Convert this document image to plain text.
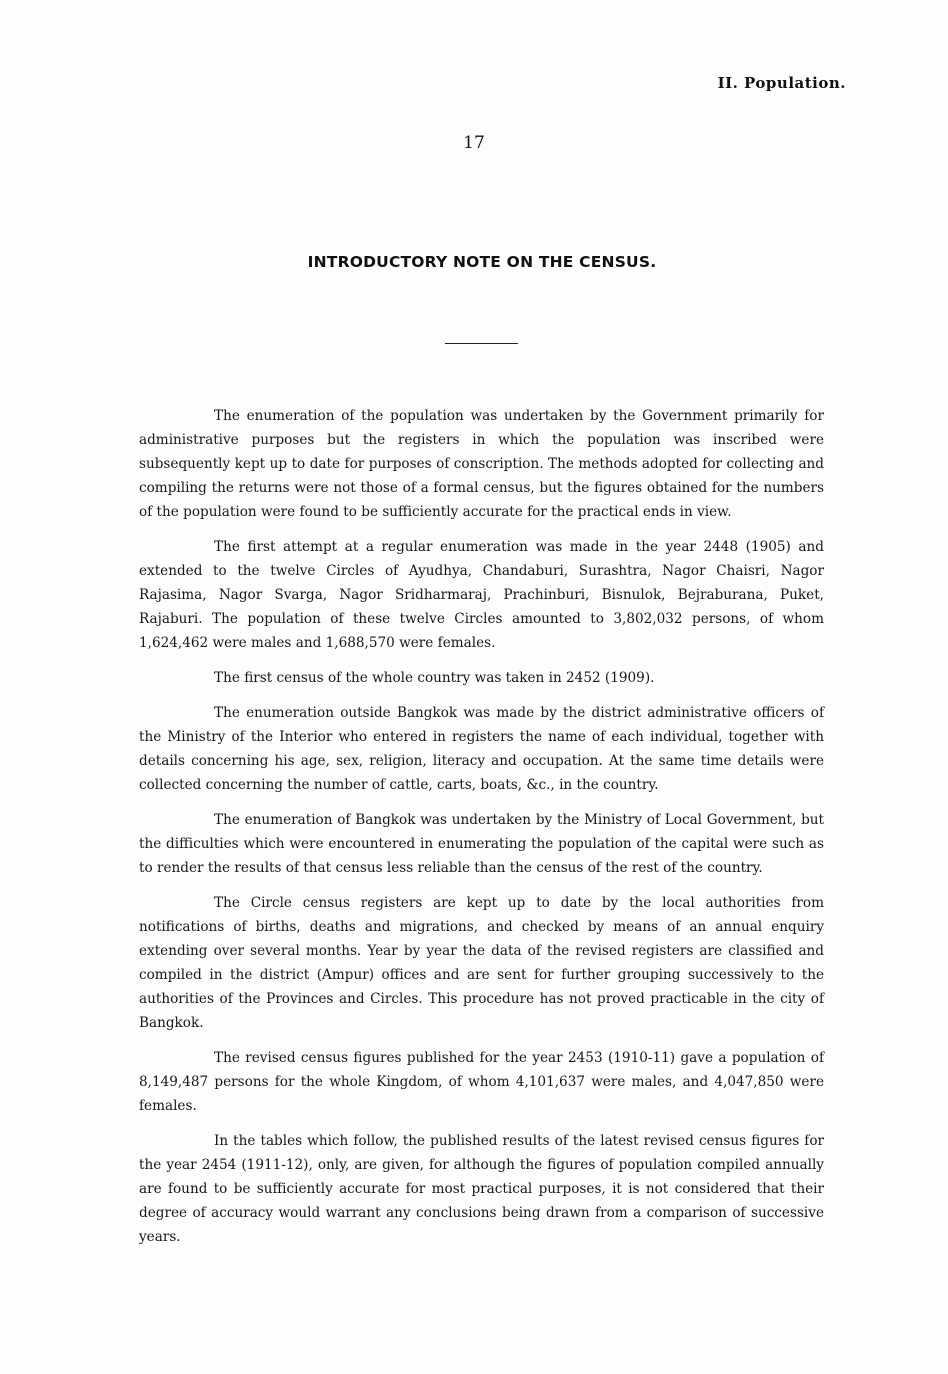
II. Population.
17
INTRODUCTORY NOTE ON THE CENSUS.

The enumeration of the population was undertaken by the Government primarily for administrative purposes but the registers in which the population was inscribed were subsequently kept up to date for purposes of conscription. The methods adopted for collecting and compiling the returns were not those of a formal census, but the figures obtained for the numbers of the population were found to be sufficiently accurate for the practical ends in view.

The first attempt at a regular enumeration was made in the year 2448 (1905) and extended to the twelve Circles of Ayudhya, Chandaburi, Surashtra, Nagor Chaisri, Nagor Rajasima, Nagor Svarga, Nagor Sridharmaraj, Prachinburi, Bisnulok, Bejraburana, Puket, Rajaburi. The population of these twelve Circles amounted to 3,802,032 persons, of whom 1,624,462 were males and 1,688,570 were females.

The first census of the whole country was taken in 2452 (1909).

The enumeration outside Bangkok was made by the district administrative officers of the Ministry of the Interior who entered in registers the name of each individual, together with details concerning his age, sex, religion, literacy and occupation. At the same time details were collected concerning the number of cattle, carts, boats, &c., in the country.

The enumeration of Bangkok was undertaken by the Ministry of Local Government, but the difficulties which were encountered in enumerating the population of the capital were such as to render the results of that census less reliable than the census of the rest of the country.

The Circle census registers are kept up to date by the local authorities from notifications of births, deaths and migrations, and checked by means of an annual enquiry extending over several months. Year by year the data of the revised registers are classified and compiled in the district (Ampur) offices and are sent for further grouping successively to the authorities of the Provinces and Circles. This procedure has not proved practicable in the city of Bangkok.

The revised census figures published for the year 2453 (1910-11) gave a population of 8,149,487 persons for the whole Kingdom, of whom 4,101,637 were males, and 4,047,850 were females.

In the tables which follow, the published results of the latest revised census figures for the year 2454 (1911-12), only, are given, for although the figures of population compiled annually are found to be sufficiently accurate for most practical purposes, it is not considered that their degree of accuracy would warrant any conclusions being drawn from a comparison of successive years.
